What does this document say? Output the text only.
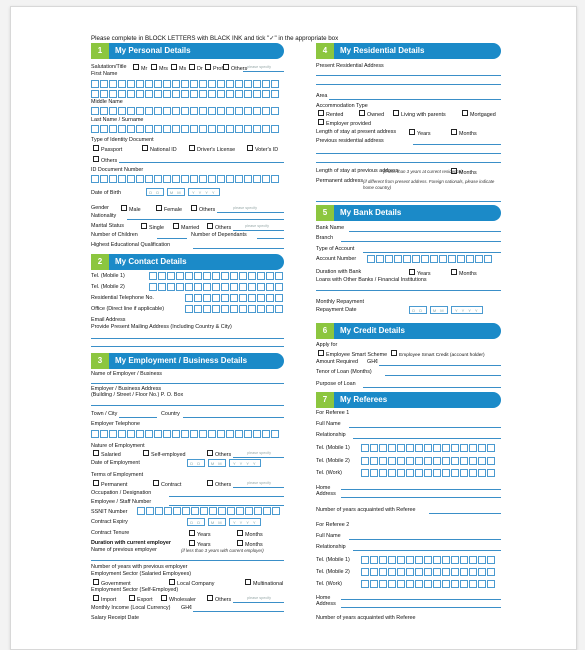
Please complete in BLOCK LETTERS with BLACK INK and tick "✓" in the appropriate box
1	My Personal Details
Salutation/Title	Mr	Mrs	Ms	Dr	Prof	Others please specify
First Name
Middle Name
Last Name / Surname
Type of Identity Document
Passport	National ID	Driver's License	Voter's ID
Others
ID Document Number
Date of Birth	D D	M M	Y Y Y Y
Gender	Male	Female	Others	please specify
Nationality
Marital Status	Single	Married	Others	please specify
Number of Children	Number of Dependants
Highest Educational Qualification
2	My Contact Details
Tel. (Mobile 1)
Tel. (Mobile 2)
Residential Telephone No.
Office (Direct line if applicable)
Email Address
Provide Present Mailing Address (Including Country & City)
3	My Employment / Business Details
Name of Employer / Business
Employer / Business Address
(Building / Street / Floor No.) P. O. Box
Town / City	Country
Employer Telephone
Nature of Employment
Salaried	Self-employed	Others	please specify
Date of Employment	D D	M M	Y Y Y Y
Terms of Employment
Permanent	Contract	Others	please specify
Occupation / Designation
Employee / Staff Number
SSNIT Number
Contract Expiry	D D	M M	Y Y Y Y
Contract Tenure	Years	Months
Duration with current employer	Years	Months
Name of previous employer	(if less than 3 years with current employer)
Number of years with previous employer
Employment Sector (Salaried Employees)
Government	Local Company	Multinational
Employment Sector (Self-Employed)
Import	Export	Wholesaler	Others	please specify
Monthly Income (Local Currency) GH¢
Salary Receipt Date
4	My Residential Details
Present Residential Address
Area
Accommodation Type
Rented	Owned	Living with parents	Mortgaged
Employer provided
Length of stay at present address	Years	Months
Previous residential address
Length of stay at previous address
(if less than 3 years at current residence)
Months
Permanent address (if different from present address. Foreign nationals, please indicate home country)
5	My Bank Details
Bank Name
Branch
Type of Account
Account Number
Duration with Bank	Years	Months
Loans with Other Banks / Financial Institutions
Monthly Repayment
Repayment Date	D D	M M	Y Y Y Y
6	My Credit Details
Apply for
Employee Smart Scheme	Employee Smart Credit (account holder)
Amount Required GH¢
Tenor of Loan (Months)
Purpose of Loan
7	My Referees
For Referee 1
Full Name
Relationship
Tel. (Mobile 1)
Tel. (Mobile 2)
Tel. (Work)
Home
Address
Number of years acquainted with Referee
For Referee 2
Full Name
Relationship
Tel. (Mobile 1)
Tel. (Mobile 2)
Tel. (Work)
Home
Address
Number of years acquainted with Referee
